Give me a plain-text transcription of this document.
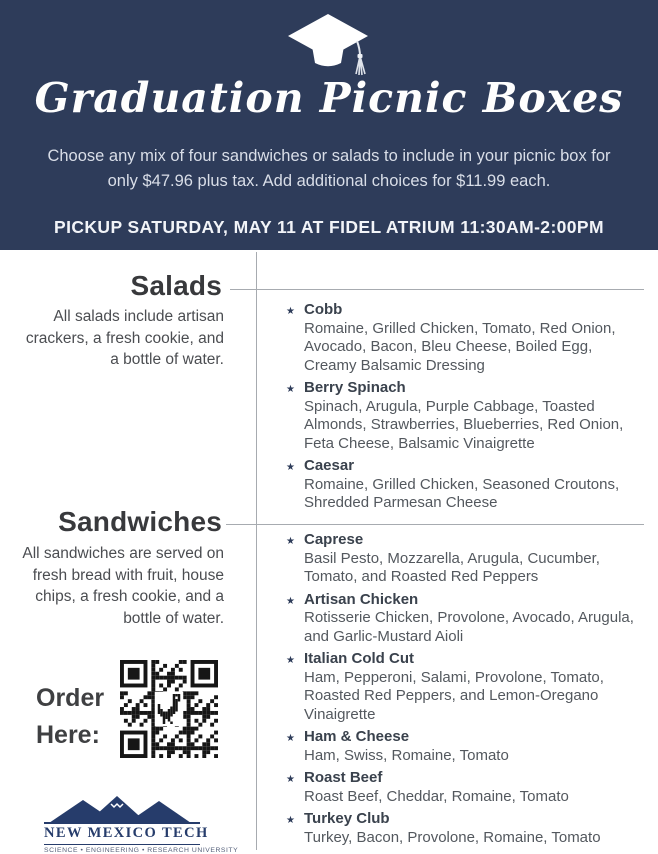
Graduation Picnic Boxes

Choose any mix of four sandwiches or salads to include in your picnic box for
only $47.96 plus tax. Add additional choices for $11.99 each.

PICKUP SATURDAY, MAY 11 AT FIDEL ATRIUM 11:30AM-2:00PM

Salads

All salads include artisan crackers, a fresh cookie, and a bottle of water.

Sandwiches

All sandwiches are served on fresh bread with fruit, house chips, a fresh cookie, and a bottle of water.

Order
Here:

NEW MEXICO TECH
SCIENCE • ENGINEERING • RESEARCH UNIVERSITY
★ Cobb
Romaine, Grilled Chicken, Tomato, Red Onion, Avocado, Bacon, Bleu Cheese, Boiled Egg, Creamy Balsamic Dressing
★ Berry Spinach
Spinach, Arugula, Purple Cabbage, Toasted Almonds, Strawberries, Blueberries, Red Onion, Feta Cheese, Balsamic Vinaigrette
★ Caesar
Romaine, Grilled Chicken, Seasoned Croutons, Shredded Parmesan Cheese
★ Caprese
Basil Pesto, Mozzarella, Arugula, Cucumber, Tomato, and Roasted Red Peppers
★ Artisan Chicken
Rotisserie Chicken, Provolone, Avocado, Arugula, and Garlic-Mustard Aioli
★ Italian Cold Cut
Ham, Pepperoni, Salami, Provolone, Tomato, Roasted Red Peppers, and Lemon-Oregano Vinaigrette
★ Ham & Cheese
Ham, Swiss, Romaine, Tomato
★ Roast Beef
Roast Beef, Cheddar, Romaine, Tomato
★ Turkey Club
Turkey, Bacon, Provolone, Romaine, Tomato
